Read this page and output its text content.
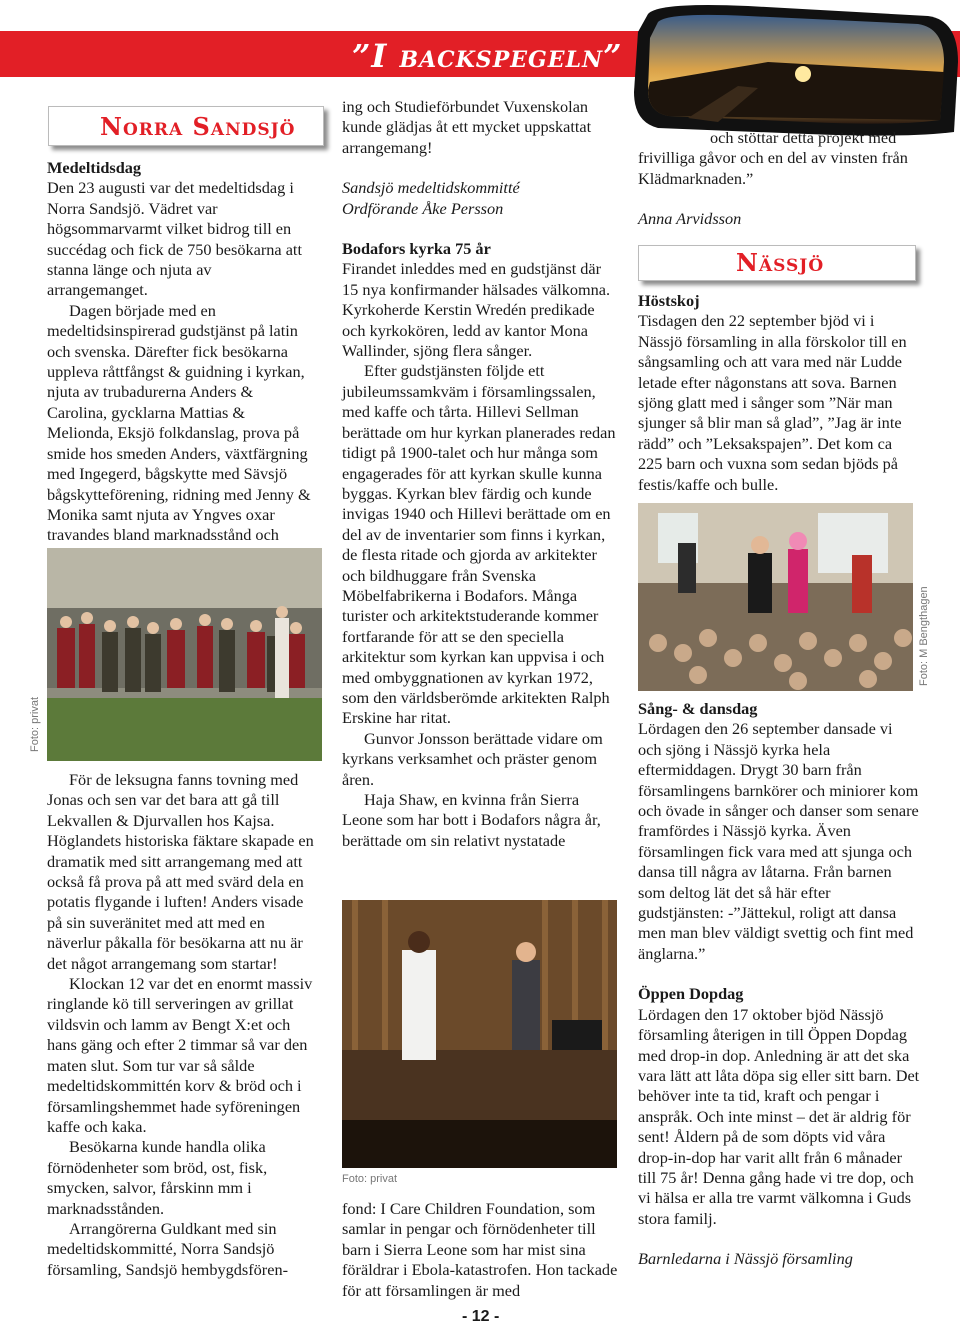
”I backspegeln”
Norra Sandsjö

Medeltidsdag

Den 23 augusti var det medeltidsdag i Norra Sandsjö. Vädret var högsommarvarmt vilket bidrog till en succédag och fick de 750 besökarna att stanna länge och njuta av arrangemanget.

Dagen började med en medeltidsinspirerad gudstjänst på latin och svenska. Därefter fick besökarna uppleva råttfångst & guidning i kyrkan, njuta av trubadurerna Anders & Carolina, gycklarna Mattias & Melionda, Eksjö folkdanslag, prova på smide hos smeden Anders, växtfärgning med Ingegerd, bågskytte med Sävsjö bågskytteförening, ridning med Jenny & Monika samt njuta av Yngves oxar travandes bland marknadsstånd och

Foto: privat

För de leksugna fanns tovning med Jonas och sen var det bara att gå till Lekvallen & Djurvallen hos Kajsa. Höglandets historiska fäktare skapade en dramatik med sitt arrangemang med att också få prova på att med svärd dela en potatis flygande i luften! Anders visade på sin suveränitet med att med en näverlur påkalla för besökarna att nu är det något arrangemang som startar!

Klockan 12 var det en enormt massiv ringlande kö till serveringen av grillat vildsvin och lamm av Bengt X:et och hans gäng och efter 2 timmar så var den maten slut. Som tur var så sålde medeltidskommittén korv & bröd och i församlingshemmet hade syföreningen kaffe och kaka.

Besökarna kunde handla olika förnödenheter som bröd, ost, fisk, smycken, salvor, fårskinn mm i marknadsstånden.

Arrangörerna Guldkant med sin medeltidskommitté, Norra Sandsjö församling, Sandsjö hembygdsfören-

ing och Studieförbundet Vuxenskolan kunde glädjas åt ett mycket uppskattat arrangemang!

Sandsjö medeltidskommitté

Ordförande Åke Persson

Bodafors kyrka 75 år

Firandet inleddes med en gudstjänst där 15 nya konfirmander hälsades välkomna. Kyrkoherde Kerstin Wredén predikade och kyrkokören, ledd av kantor Mona Wallinder, sjöng flera sånger.

Efter gudstjänsten följde ett jubileumssamkväm i församlingssalen, med kaffe och tårta. Hillevi Sellman berättade om hur kyrkan planerades redan tidigt på 1900-talet och hur många som engagerades för att kyrkan skulle kunna byggas. Kyrkan blev färdig och kunde invigas 1940 och Hillevi berättade om en del av de inventarier som finns i kyrkan, de flesta ritade och gjorda av arkitekter och bildhuggare från Svenska Möbelfabrikerna i Bodafors. Många turister och arkitektstuderande kommer fortfarande för att se den speciella arkitektur som kyrkan kan uppvisa i och med ombyggnationen av kyrkan 1972, som den världsberömde arkitekten Ralph Erskine har ritat.

Gunvor Jonsson berättade vidare om kyrkans verksamhet och präster genom åren.

Haja Shaw, en kvinna från Sierra Leone som har bott i Bodafors några år, berättade om sin relativt nystatade

Foto: privat

fond: I Care Children Foundation, som samlar in pengar och förnödenheter till barn i Sierra Leone som har mist sina föräldrar i Ebola-katastrofen. Hon tackade för att församlingen är med

och stöttar detta projekt med frivilliga gåvor och en del av vinsten från Klädmarknaden.”

Anna Arvidsson

Nässjö

Höstskoj

Tisdagen den 22 september bjöd vi i Nässjö församling in alla förskolor till en sångsamling och att vara med när Ludde letade efter någonstans att sova. Barnen sjöng glatt med i sånger som ”När man sjunger så blir man så glad”, ”Jag är inte rädd” och ”Leksakspajen”. Det kom ca 225 barn och vuxna som sedan bjöds på festis/kaffe och bulle.

Foto: M Bengthagen

Sång- & dansdag

Lördagen den 26 september dansade vi och sjöng i Nässjö kyrka hela eftermiddagen. Drygt 30 barn från församlingens barnkörer och miniorer kom och övade in sånger och danser som senare framfördes i Nässjö kyrka. Även församlingen fick vara med att sjunga och dansa till några av låtarna. Från barnen som deltog lät det så här efter gudstjänsten: -”Jättekul, roligt att dansa men man blev väldigt svettig och fint med änglarna.”

Öppen Dopdag

Lördagen den 17 oktober bjöd Nässjö församling återigen in till Öppen Dopdag med drop-in dop. Anledning är att det ska vara lätt att låta döpa sig eller sitt barn. Det behöver inte ta tid, kraft och pengar i anspråk. Och inte minst – det är aldrig för sent! Åldern på de som döpts vid våra drop-in-dop har varit allt från 6 månader till 75 år! Denna gång hade vi tre dop, och vi hälsa er alla tre varmt välkomna i Guds stora familj.

Barnledarna i Nässjö församling

- 12 -
